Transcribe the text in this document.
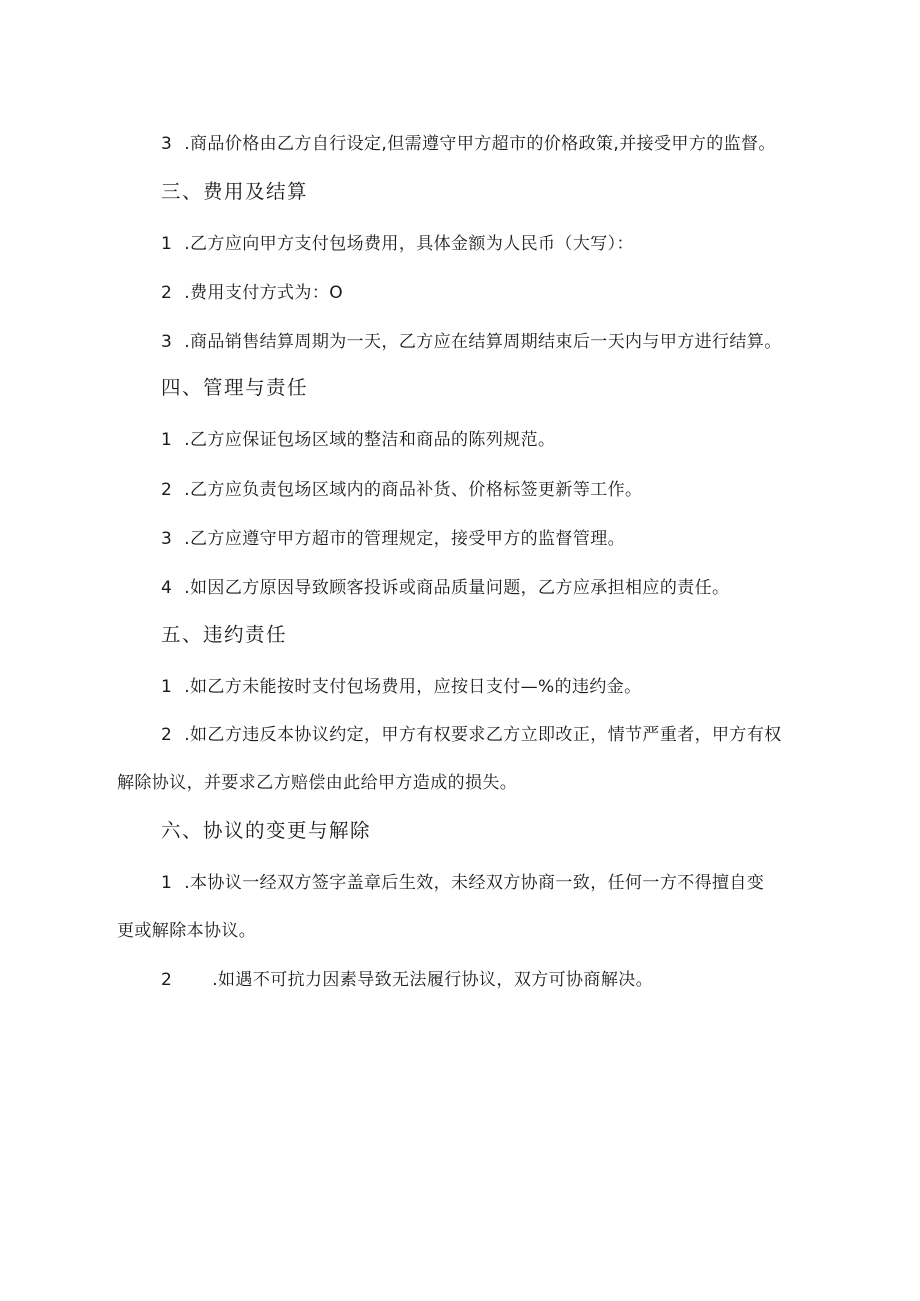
3 .商品价格由乙方自行设定,但需遵守甲方超市的价格政策,并接受甲方的监督。
三、费用及结算
1 .乙方应向甲方支付包场费用，具体金额为人民币（大写）：
2 .费用支付方式为：O
3 .商品销售结算周期为一天，乙方应在结算周期结束后一天内与甲方进行结算。
四、管理与责任
1 .乙方应保证包场区域的整洁和商品的陈列规范。
2 .乙方应负责包场区域内的商品补货、价格标签更新等工作。
3 .乙方应遵守甲方超市的管理规定，接受甲方的监督管理。
4 .如因乙方原因导致顾客投诉或商品质量问题，乙方应承担相应的责任。
五、违约责任
1 .如乙方未能按时支付包场费用，应按日支付—%的违约金。
2 .如乙方违反本协议约定，甲方有权要求乙方立即改正，情节严重者，甲方有权
解除协议，并要求乙方赔偿由此给甲方造成的损失。
六、协议的变更与解除
1 .本协议一经双方签字盖章后生效，未经双方协商一致，任何一方不得擅自变
更或解除本协议。
2 .如遇不可抗力因素导致无法履行协议，双方可协商解决。
